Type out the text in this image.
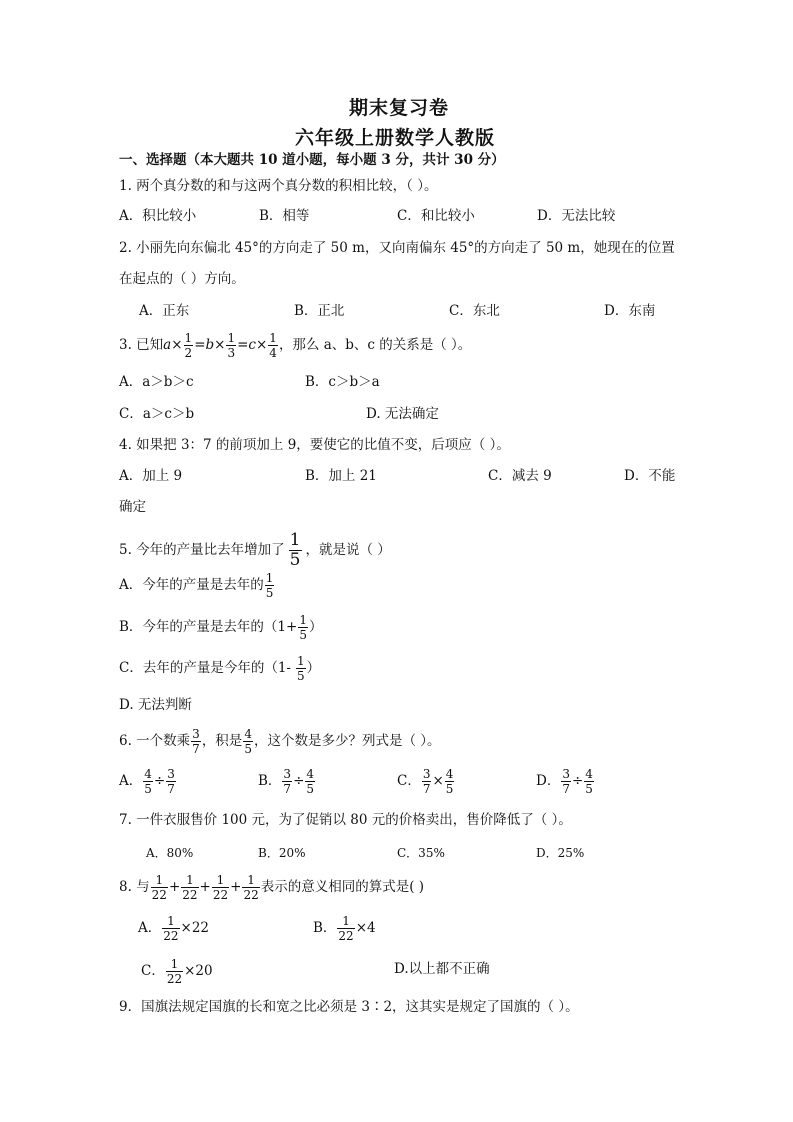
期末复习卷
六年级上册数学人教版
一、选择题（本大题共 10 道小题，每小题 3 分，共计 30 分）
1. 两个真分数的和与这两个真分数的积相比较，（ ）。
A．积比较小	B．相等	C．和比较小	D．无法比较
2. 小丽先向东偏北 45°的方向走了 50 m，又向南偏东 45°的方向走了 50 m，她现在的位置
在起点的（ ）方向。
A．正东	B．正北	C．东北	D．东南
3. 已知$a\times \frac{1}{2} =b\times \frac{1}{3} =c\times \frac{1}{4}$ ，那么 a、b、c 的关系是（ ）。
A．a＞b＞c	B．c＞b＞a
C．a＞c＞b	D. 无法确定
4. 如果把 3：7 的前项加上 9，要使它的比值不变，后项应（ ）。
A．加上 9	B．加上 21	C．减去 9	D．不能
确定
5. 今年的产量比去年增加了 $\frac{1}{5}$ ，就是说（ ）
A．今年的产量是去年的 $\frac{1}{5}$
B．今年的产量是去年的（$1+ \frac{1}{5}$ ）
C．去年的产量是今年的（$1- \frac{1}{5}$ ）
D. 无法判断
6. 一个数乘 $\frac{3}{7}$ ，积是 $\frac{4}{5}$ ，这个数是多少？列式是（ ）。
A． $\frac{4}{5} \div \frac{3}{7}$	B． $\frac{3}{7} \div \frac{4}{5}$	C． $\frac{3}{7} \times \frac{4}{5}$	D． $\frac{3}{7} \div \frac{4}{5}$
7. 一件衣服售价 100 元，为了促销以 80 元的价格卖出，售价降低了（ ）。
A．80%	B．20%	C．35%	D．25%
8. 与 $\frac{1}{22} + \frac{1}{22} + \frac{1}{22} + \frac{1}{22}$ 表示的意义相同的算式是( )
A． $\frac{1}{22} \times 22$	B． $\frac{1}{22} \times 4$
C． $\frac{1}{22} \times 20$	D.以上都不正确
9．国旗法规定国旗的长和宽之比必须是 3∶2，这其实是规定了国旗的（ ）。
